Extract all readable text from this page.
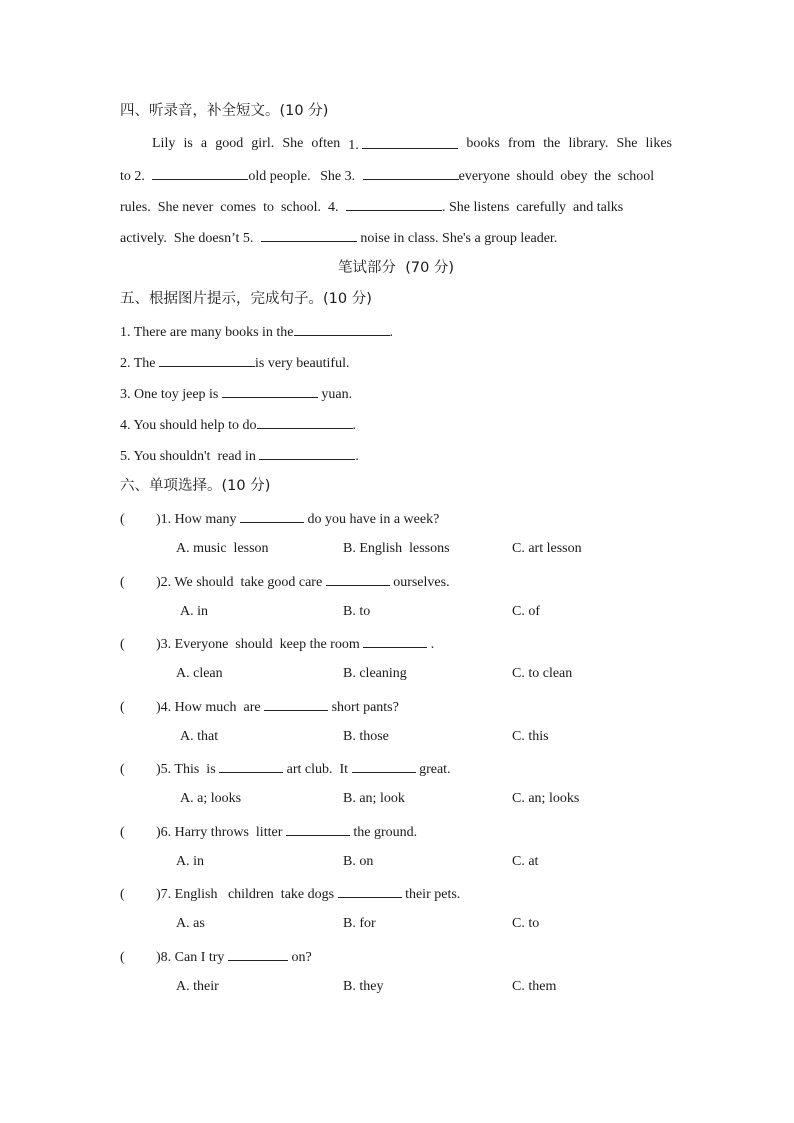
四、听录音，补全短文。(10 分)
Lily is a good girl. She often 1.	books from the library. She likes
to 2.	old people. She 3.	everyone should obey the school
rules.  She never  comes  to  school.  4.	. She listens  carefully  and talks
actively.  She doesn’t 5.	noise in class. She's a group leader.
笔试部分  (70 分)
五、根据图片提示，完成句子。(10 分)
1. There are many books in the	.
2. The	is very beautiful.
3. One toy jeep is	yuan.
4. You should help to do	.
5. You shouldn't  read in	.
六、单项选择。(10 分)
( )1. How many	do you have in a week?
A. music  lesson	B. English  lessons	C. art lesson
( )2. We should  take good care	ourselves.
A. in	B. to	C. of
( )3. Everyone  should  keep the room	.
A. clean	B. cleaning	C. to clean
( )4. How much  are	short pants?
A. that	B. those	C. this
( )5. This  is	art club.  It	great.
A. a; looks	B. an; look	C. an; looks
( )6. Harry throws  litter	the ground.
A. in	B. on	C. at
( )7. English   children  take dogs	their pets.
A. as	B. for	C. to
( )8. Can I try	on?
A. their	B. they	C. them
